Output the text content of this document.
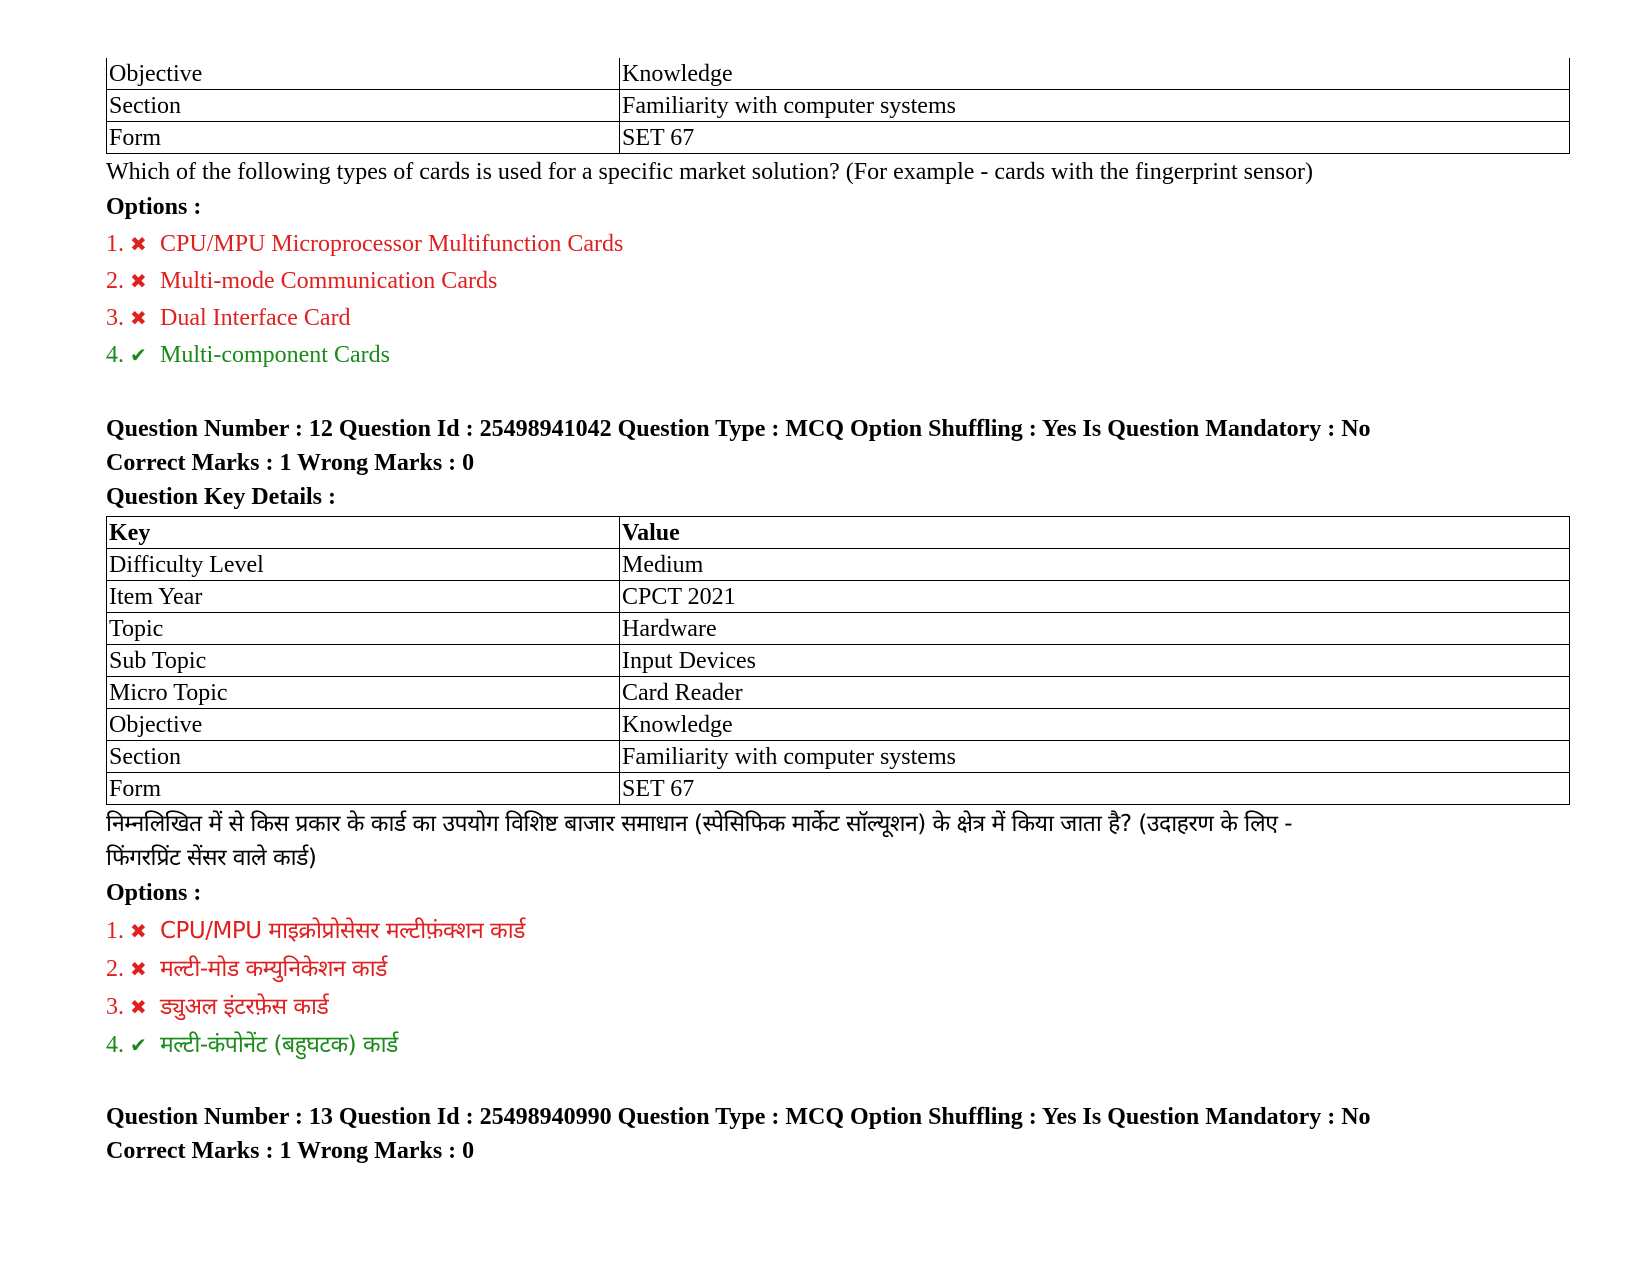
Objective	Knowledge
Section	Familiarity with computer systems
Form	SET 67
Which of the following types of cards is used for a specific market solution? (For example - cards with the fingerprint sensor)
Options :
1. ✖ CPU/MPU Microprocessor Multifunction Cards
2. ✖ Multi-mode Communication Cards
3. ✖ Dual Interface Card
4. ✔ Multi-component Cards
Question Number : 12 Question Id : 25498941042 Question Type : MCQ Option Shuffling : Yes Is Question Mandatory : No
Correct Marks : 1 Wrong Marks : 0
Question Key Details :
Key	Value
Difficulty Level	Medium
Item Year	CPCT 2021
Topic	Hardware
Sub Topic	Input Devices
Micro Topic	Card Reader
Objective	Knowledge
Section	Familiarity with computer systems
Form	SET 67
निम्नलिखित में से किस प्रकार के कार्ड का उपयोग विशिष्ट बाजार समाधान (स्पेसिफिक मार्केट सॉल्यूशन) के क्षेत्र में किया जाता है? (उदाहरण के लिए -
फिंगरप्रिंट सेंसर वाले कार्ड)
Options :
1. ✖ CPU/MPU माइक्रोप्रोसेसर मल्टीफ़ंक्शन कार्ड
2. ✖ मल्टी-मोड कम्युनिकेशन कार्ड
3. ✖ ड्युअल इंटरफ़ेस कार्ड
4. ✔ मल्टी-कंपोनेंट (बहुघटक) कार्ड
Question Number : 13 Question Id : 25498940990 Question Type : MCQ Option Shuffling : Yes Is Question Mandatory : No
Correct Marks : 1 Wrong Marks : 0
